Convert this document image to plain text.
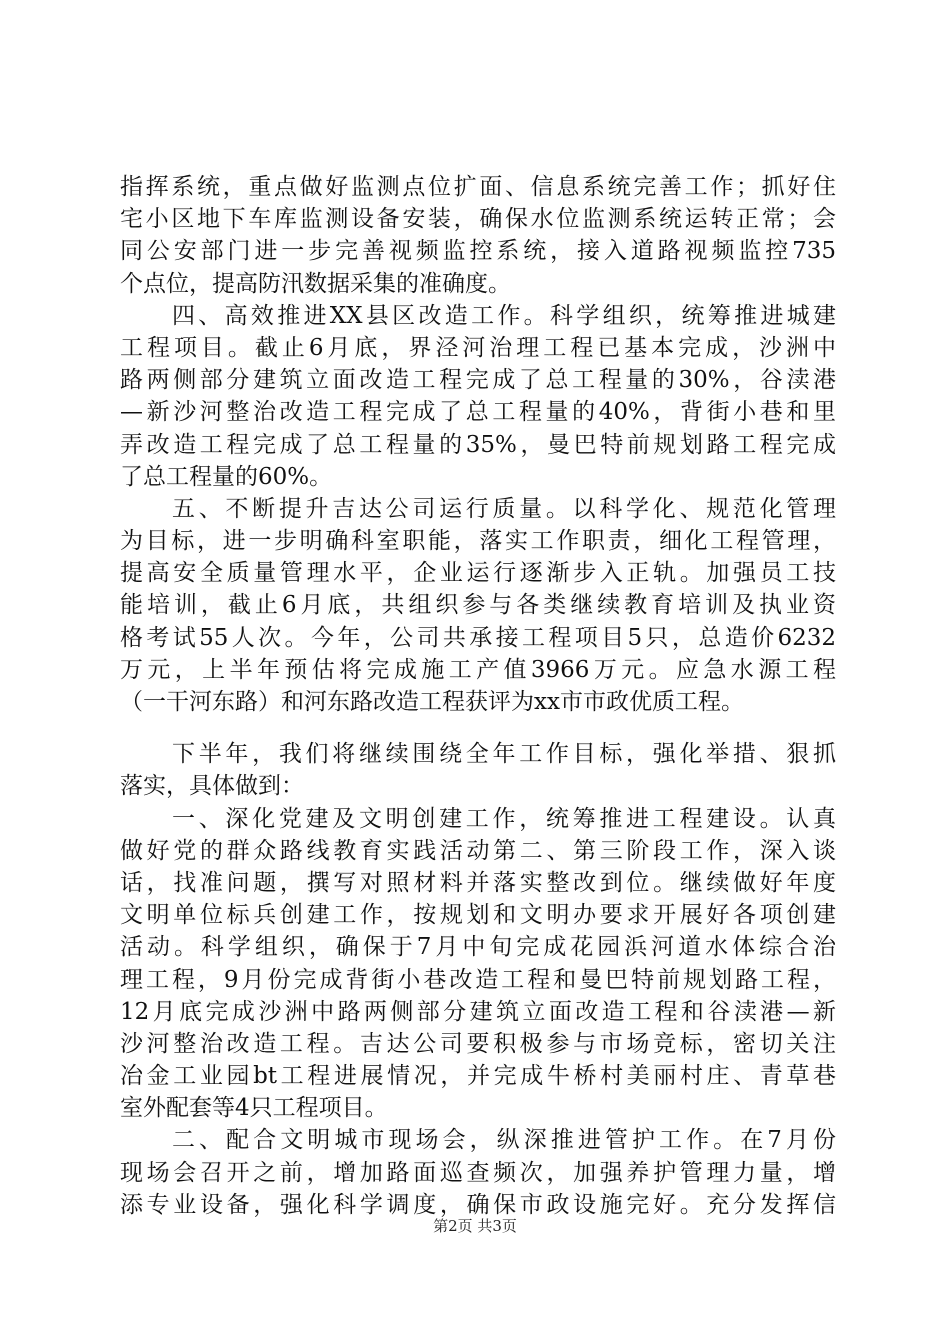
指挥系统，重点做好监测点位扩面、信息系统完善工作；抓好住
宅小区地下车库监测设备安装，确保水位监测系统运转正常；会
同公安部门进一步完善视频监控系统，接入道路视频监控735
个点位，提高防汛数据采集的准确度。
四、高效推进XX县区改造工作。科学组织，统筹推进城建
工程项目。截止6月底，界泾河治理工程已基本完成，沙洲中
路两侧部分建筑立面改造工程完成了总工程量的30%，谷渎港
—新沙河整治改造工程完成了总工程量的40%，背街小巷和里
弄改造工程完成了总工程量的35%，曼巴特前规划路工程完成
了总工程量的60%。
五、不断提升吉达公司运行质量。以科学化、规范化管理
为目标，进一步明确科室职能，落实工作职责，细化工程管理，
提高安全质量管理水平，企业运行逐渐步入正轨。加强员工技
能培训，截止6月底，共组织参与各类继续教育培训及执业资
格考试55人次。今年，公司共承接工程项目5只，总造价6232
万元，上半年预估将完成施工产值3966万元。应急水源工程
（一干河东路）和河东路改造工程获评为xx市市政优质工程。
下半年，我们将继续围绕全年工作目标，强化举措、狠抓
落实，具体做到：
一、深化党建及文明创建工作，统筹推进工程建设。认真
做好党的群众路线教育实践活动第二、第三阶段工作，深入谈
话，找准问题，撰写对照材料并落实整改到位。继续做好年度
文明单位标兵创建工作，按规划和文明办要求开展好各项创建
活动。科学组织，确保于7月中旬完成花园浜河道水体综合治
理工程，9月份完成背街小巷改造工程和曼巴特前规划路工程，
12月底完成沙洲中路两侧部分建筑立面改造工程和谷渎港—新
沙河整治改造工程。吉达公司要积极参与市场竞标，密切关注
冶金工业园bt工程进展情况，并完成牛桥村美丽村庄、青草巷
室外配套等4只工程项目。
二、配合文明城市现场会，纵深推进管护工作。在7月份
现场会召开之前，增加路面巡查频次，加强养护管理力量，增
添专业设备，强化科学调度，确保市政设施完好。充分发挥信
第2页 共3页
